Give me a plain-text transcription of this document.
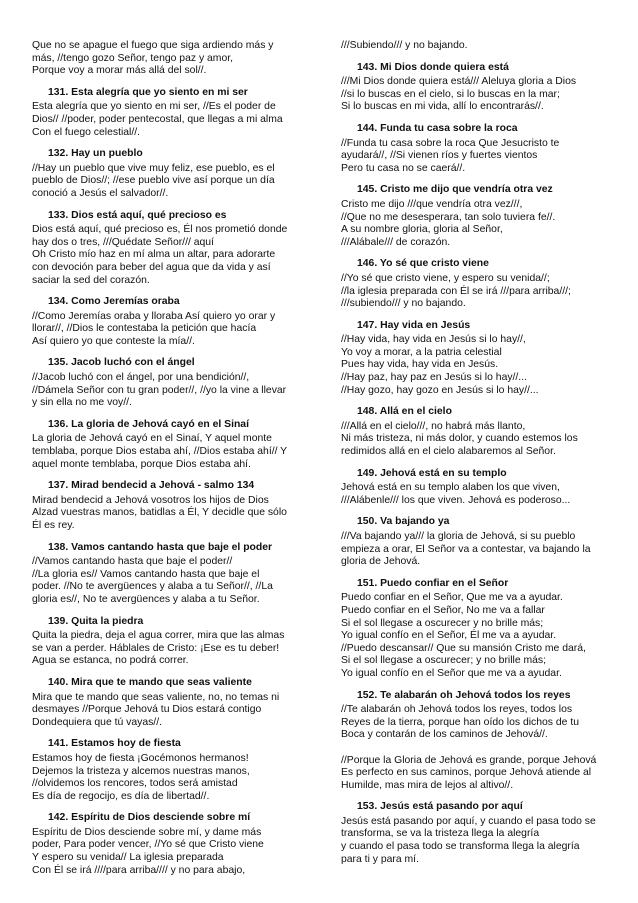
Que no se apague el fuego que siga ardiendo más y
más, //tengo gozo Señor, tengo paz y amor,
Porque voy a morar más allá del sol//.
131. Esta alegría que yo siento en mi ser
Esta alegría que yo siento en mi ser, //Es el poder de
Dios// //poder, poder pentecostal, que llegas a mi alma
Con el fuego celestial//.
132. Hay un pueblo
//Hay un pueblo que vive muy feliz, ese pueblo, es el
pueblo de Dios//; //ese pueblo vive así porque un día
conoció a Jesús el salvador//.
133. Dios está aquí, qué precioso es
Dios está aquí, qué precioso es, Él nos prometió donde
hay dos o tres, ///Quédate Señor/// aquí
Oh Cristo mío haz en mí alma un altar, para adorarte
con devoción para beber del agua que da vida y así
saciar la sed del corazón.
134. Como Jeremías oraba
//Como Jeremías oraba y lloraba Así quiero yo orar y
llorar//, //Dios le contestaba la petición que hacía
Así quiero yo que conteste la mía//.
135. Jacob luchó con el ángel
//Jacob luchó con el ángel, por una bendición//,
//Dámela Señor con tu gran poder//, //yo la vine a llevar
y sin ella no me voy//.
136. La gloria de Jehová cayó en el Sinaí
La gloria de Jehová cayó en el Sinaí, Y aquel monte
temblaba, porque Dios estaba ahí, //Dios estaba ahí// Y
aquel monte temblaba, porque Dios estaba ahí.
137. Mirad bendecid a Jehová - salmo 134
Mirad bendecid a Jehová vosotros los hijos de Dios
Alzad vuestras manos, batidlas a Él, Y decidle que sólo
Él es rey.
138. Vamos cantando hasta que baje el poder
//Vamos cantando hasta que baje el poder//
//La gloria es// Vamos cantando hasta que baje el
poder. //No te avergüences y alaba a tu Señor//, //La
gloria es//, No te avergüences y alaba a tu Señor.
139. Quita la piedra
Quita la piedra, deja el agua correr, mira que las almas
se van a perder. Háblales de Cristo: ¡Ese es tu deber!
Agua se estanca, no podrá correr.
140. Mira que te mando que seas valiente
Mira que te mando que seas valiente, no, no temas ni
desmayes //Porque Jehová tu Dios estará contigo
Dondequiera que tú vayas//.
141. Estamos hoy de fiesta
Estamos hoy de fiesta ¡Gocémonos hermanos!
Dejemos la tristeza y alcemos nuestras manos,
//olvidemos los rencores, todos será amistad
Es día de regocijo, es día de libertad//.
142. Espíritu de Dios desciende sobre mí
Espíritu de Dios desciende sobre mí, y dame más
poder, Para poder vencer, //Yo sé que Cristo viene
Y espero su venida// La iglesia preparada
Con Él se irá ////para arriba//// y no para abajo,
///Subiendo/// y no bajando.
143. Mi Dios donde quiera está
///Mi Dios donde quiera está/// Aleluya gloria a Dios
//si lo buscas en el cielo, si lo buscas en la mar;
Si lo buscas en mi vida, allí lo encontrarás//.
144. Funda tu casa sobre la roca
//Funda tu casa sobre la roca Que Jesucristo te
ayudará//, //Si vienen ríos y fuertes vientos
Pero tu casa no se caerá//.
145. Cristo me dijo que vendría otra vez
Cristo me dijo ///que vendría otra vez///,
//Que no me desesperara, tan solo tuviera fe//.
A su nombre gloria, gloria al Señor,
///Alábale/// de corazón.
146. Yo sé que cristo viene
//Yo sé que cristo viene, y espero su venida//;
//la iglesia preparada con Él se irá ///para arriba///;
///subiendo/// y no bajando.
147. Hay vida en Jesús
//Hay vida, hay vida en Jesús si lo hay//,
Yo voy a morar, a la patria celestial
Pues hay vida, hay vida en Jesús.
//Hay paz, hay paz en Jesús si lo hay//...
//Hay gozo, hay gozo en Jesús si lo hay//...
148. Allá en el cielo
///Allá en el cielo///, no habrá más llanto,
Ni más tristeza, ni más dolor, y cuando estemos los
redimidos allá en el cielo alabaremos al Señor.
149. Jehová está en su templo
Jehová está en su templo alaben los que viven,
///Alábenle/// los que viven. Jehová es poderoso...
150. Va bajando ya
///Va bajando ya/// la gloria de Jehová, si su pueblo
empieza a orar, El Señor va a contestar, va bajando la
gloria de Jehová.
151. Puedo confiar en el Señor
Puedo confiar en el Señor, Que me va a ayudar.
Puedo confiar en el Señor, No me va a fallar
Si el sol llegase a oscurecer y no brille más;
Yo igual confío en el Señor, Él me va a ayudar.
//Puedo descansar// Que su mansión Cristo me dará,
Si el sol llegase a oscurecer; y no brille más;
Yo igual confío en el Señor que me va a ayudar.
152. Te alabarán oh Jehová todos los reyes
//Te alabarán oh Jehová todos los reyes, todos los
Reyes de la tierra, porque han oído los dichos de tu
Boca y contarán de los caminos de Jehová//.
//Porque la Gloria de Jehová es grande, porque Jehová
Es perfecto en sus caminos, porque Jehová atiende al
Humilde, mas mira de lejos al altivo//.
153. Jesús está pasando por aquí
Jesús está pasando por aquí, y cuando el pasa todo se
transforma, se va la tristeza llega la alegría
y cuando el pasa todo se transforma llega la alegría
para ti y para mí.
